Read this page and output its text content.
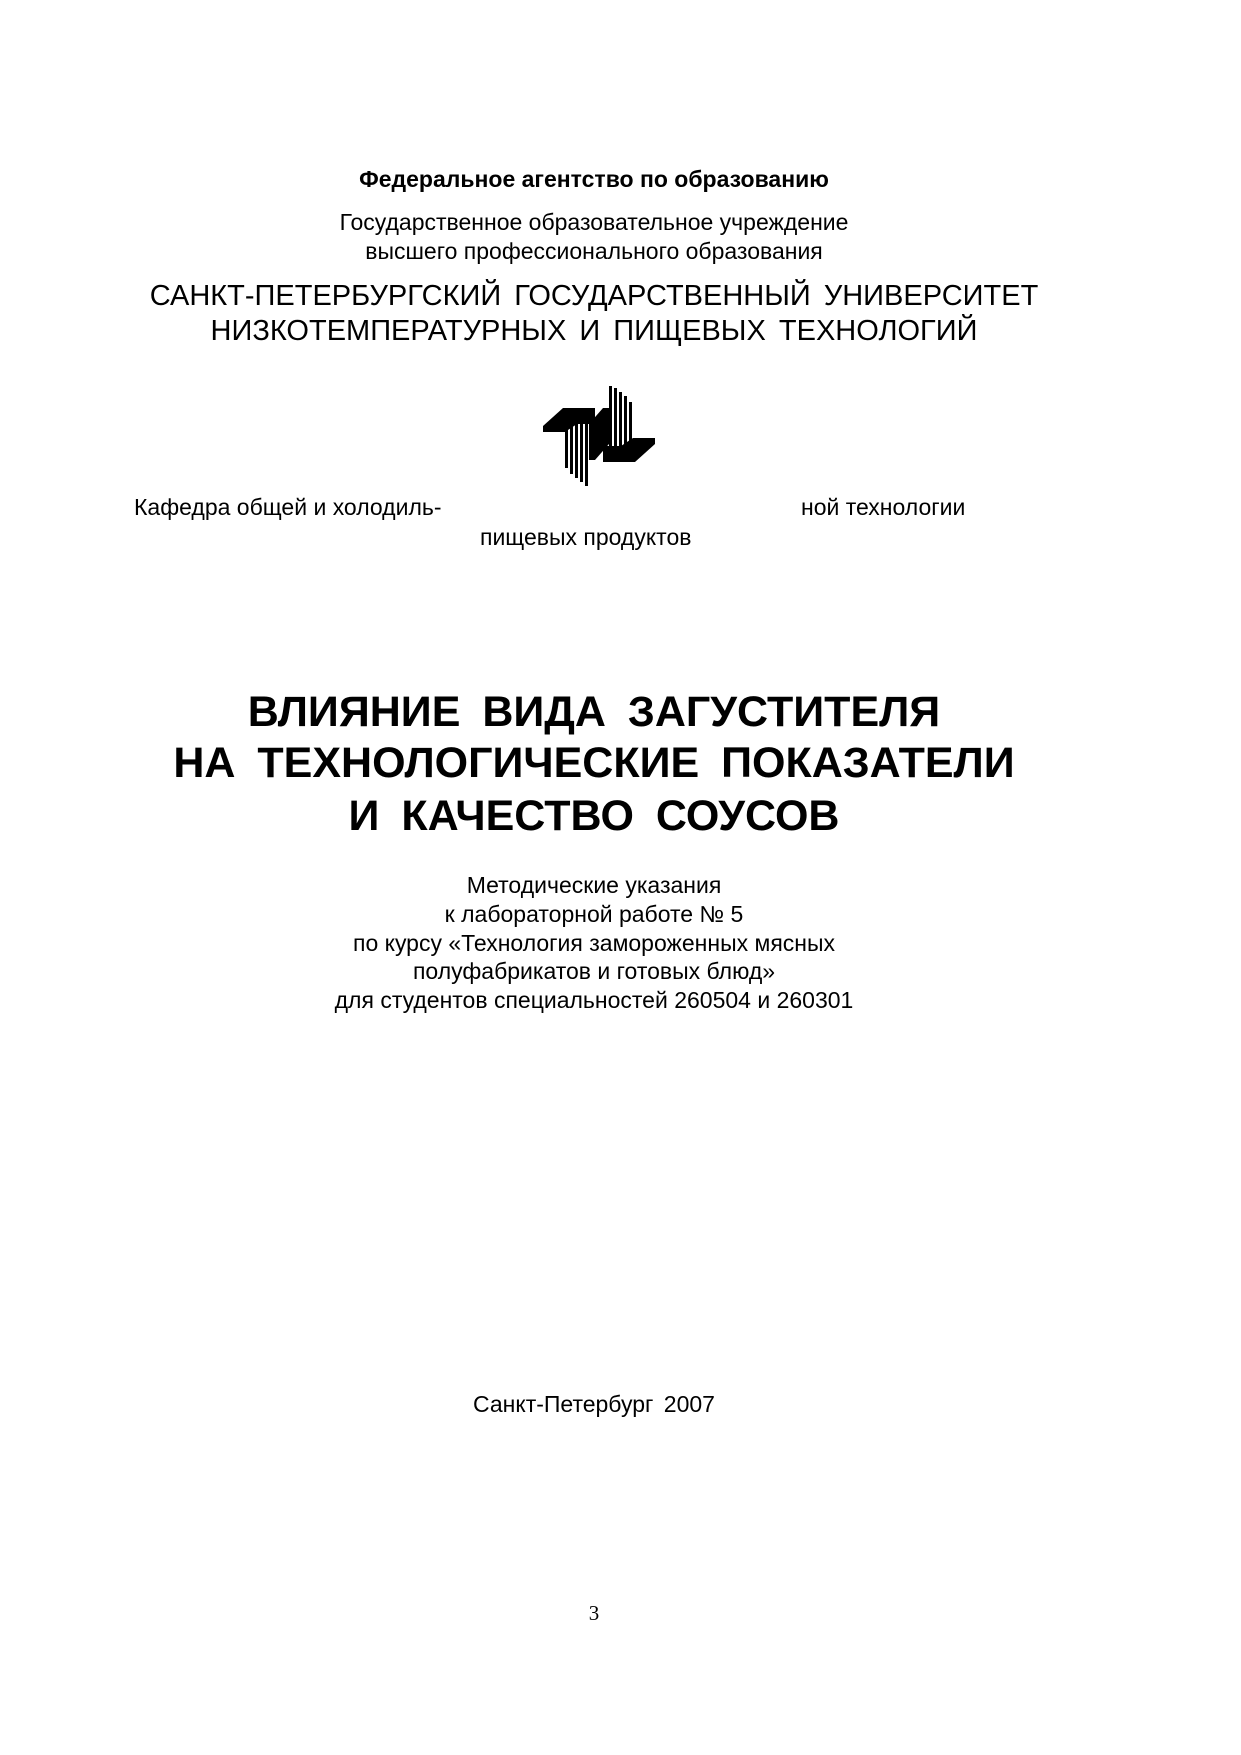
Федеральное агентство по образованию
Государственное образовательное учреждение
высшего профессионального образования
САНКТ-ПЕТЕРБУРГСКИЙ ГОСУДАРСТВЕННЫЙ УНИВЕРСИТЕТ
НИЗКОТЕМПЕРАТУРНЫХ И ПИЩЕВЫХ ТЕХНОЛОГИЙ
Кафедра общей и холодиль-	ной технологии
пищевых продуктов
ВЛИЯНИЕ ВИДА ЗАГУСТИТЕЛЯ
НА ТЕХНОЛОГИЧЕСКИЕ ПОКАЗАТЕЛИ
И КАЧЕСТВО СОУСОВ
Методические указания
к лабораторной работе № 5
по курсу «Технология замороженных мясных
полуфабрикатов и готовых блюд»
для студентов специальностей 260504 и 260301
Санкт-Петербург 2007
3
